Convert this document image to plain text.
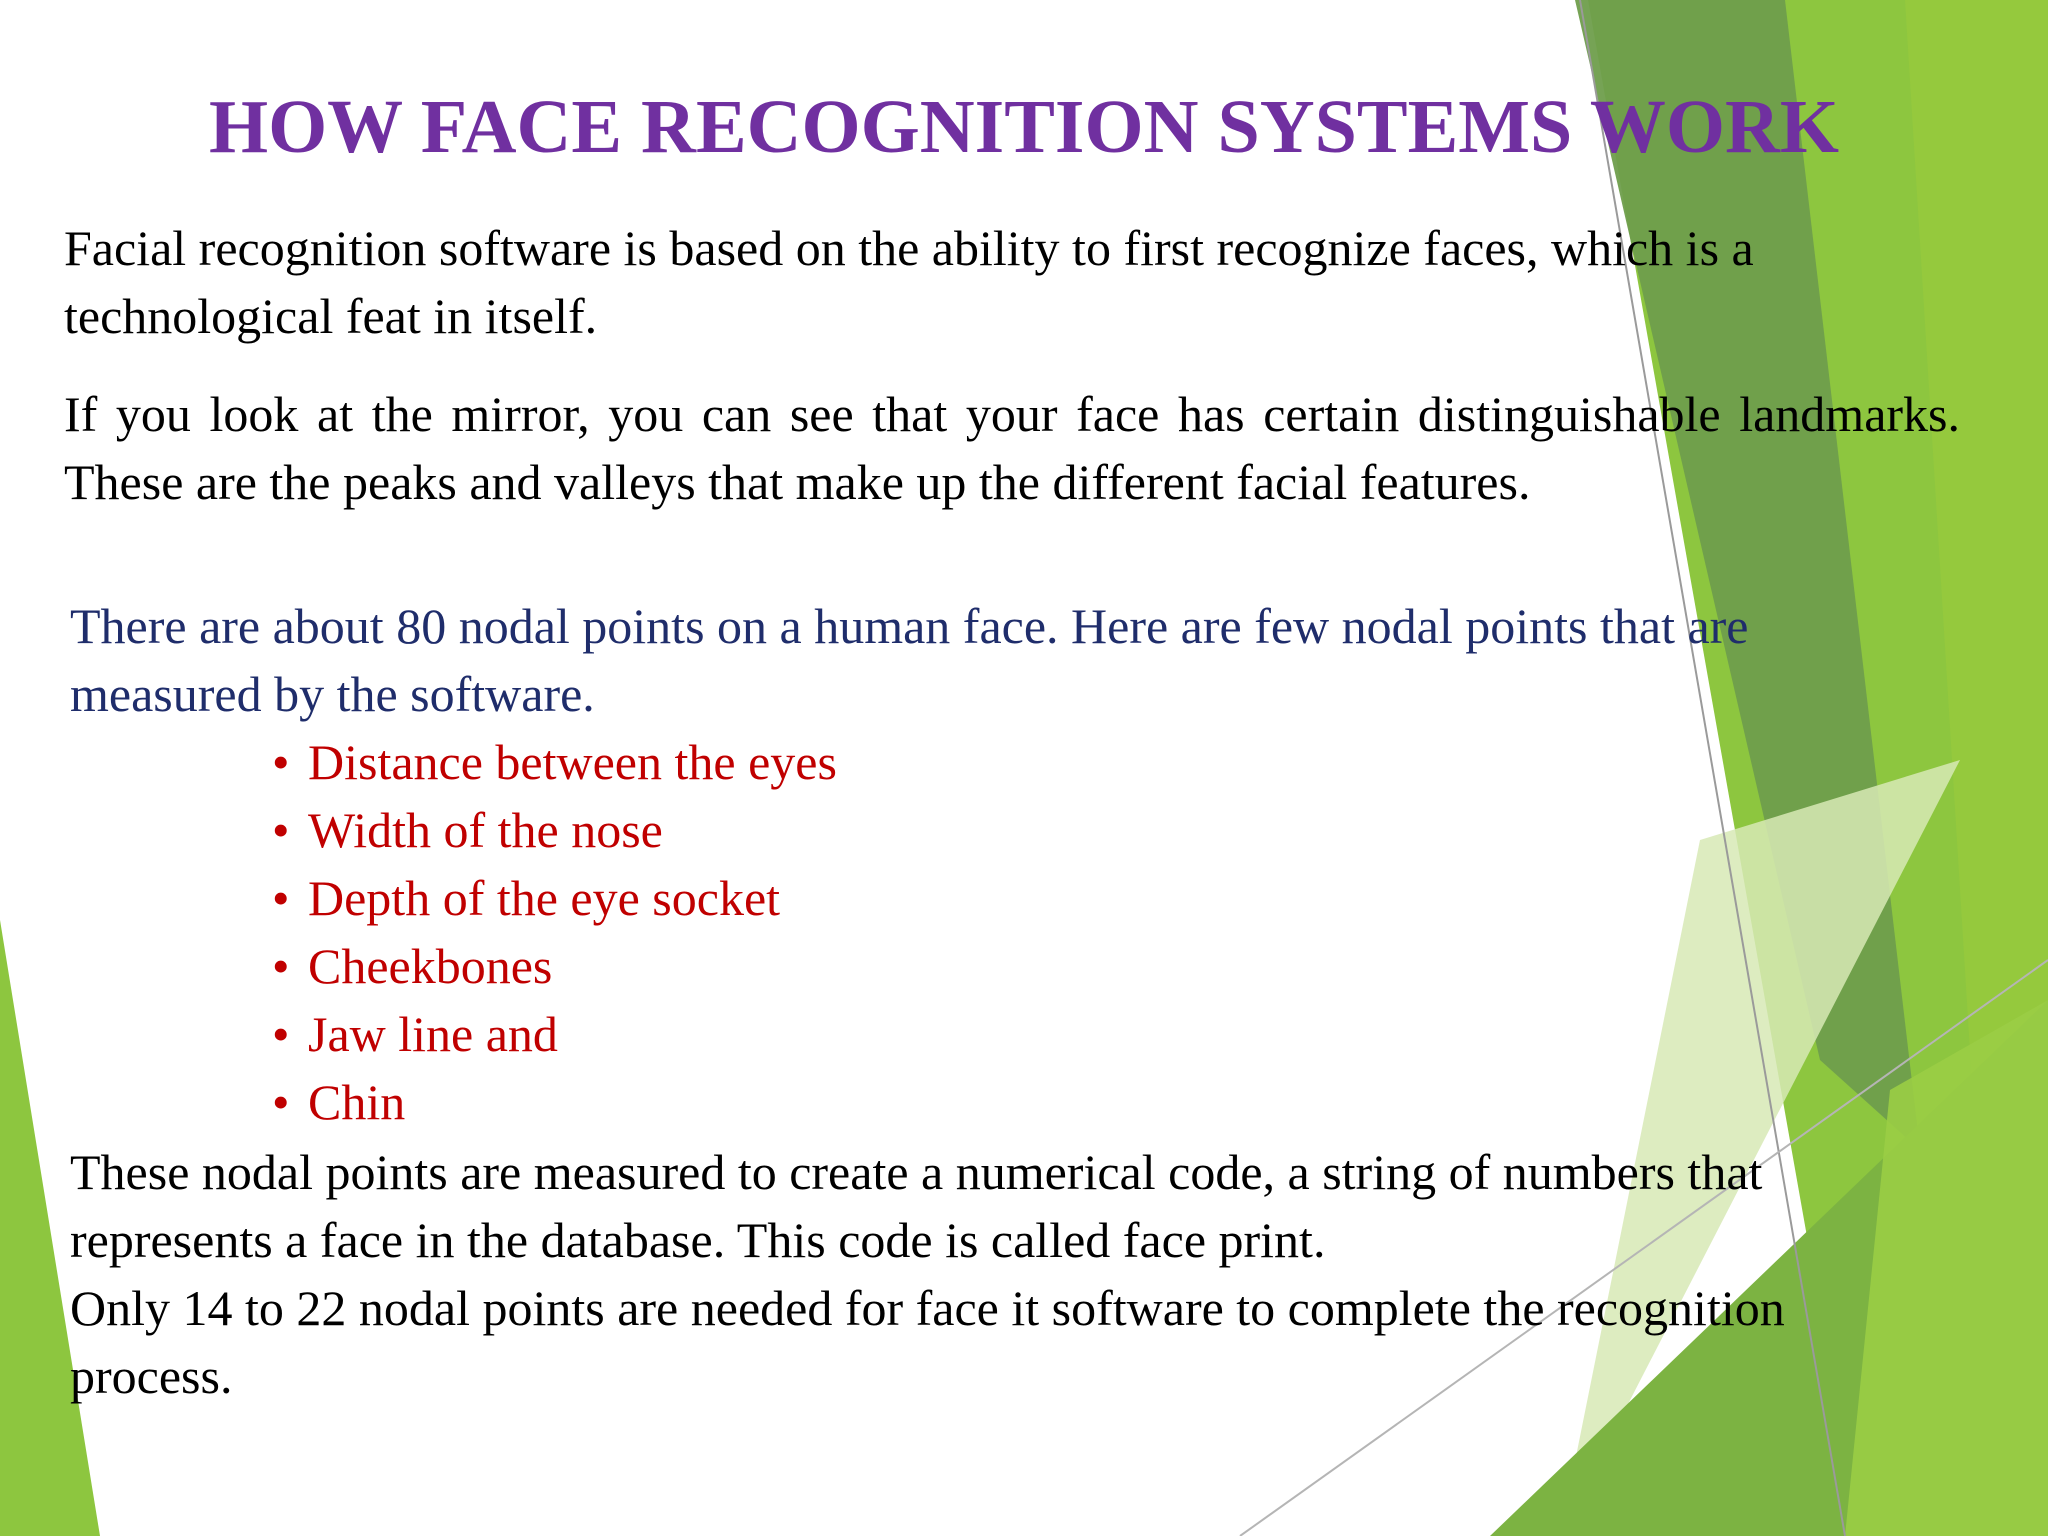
HOW FACE RECOGNITION SYSTEMS WORK

Facial recognition software is based on the ability to first recognize faces, which is a technological feat in itself.

If you look at the mirror, you can see that your face has certain distinguishable landmarks. These are the peaks and valleys that make up the different facial features.

There are about 80 nodal points on a human face. Here are few nodal points that are measured by the software.

• Distance between the eyes
• Width of the nose
• Depth of the eye socket
• Cheekbones
• Jaw line and
• Chin

These nodal points are measured to create a numerical code, a string of numbers that represents a face in the database. This code is called face print.

Only 14 to 22 nodal points are needed for face it software to complete the recognition process.
